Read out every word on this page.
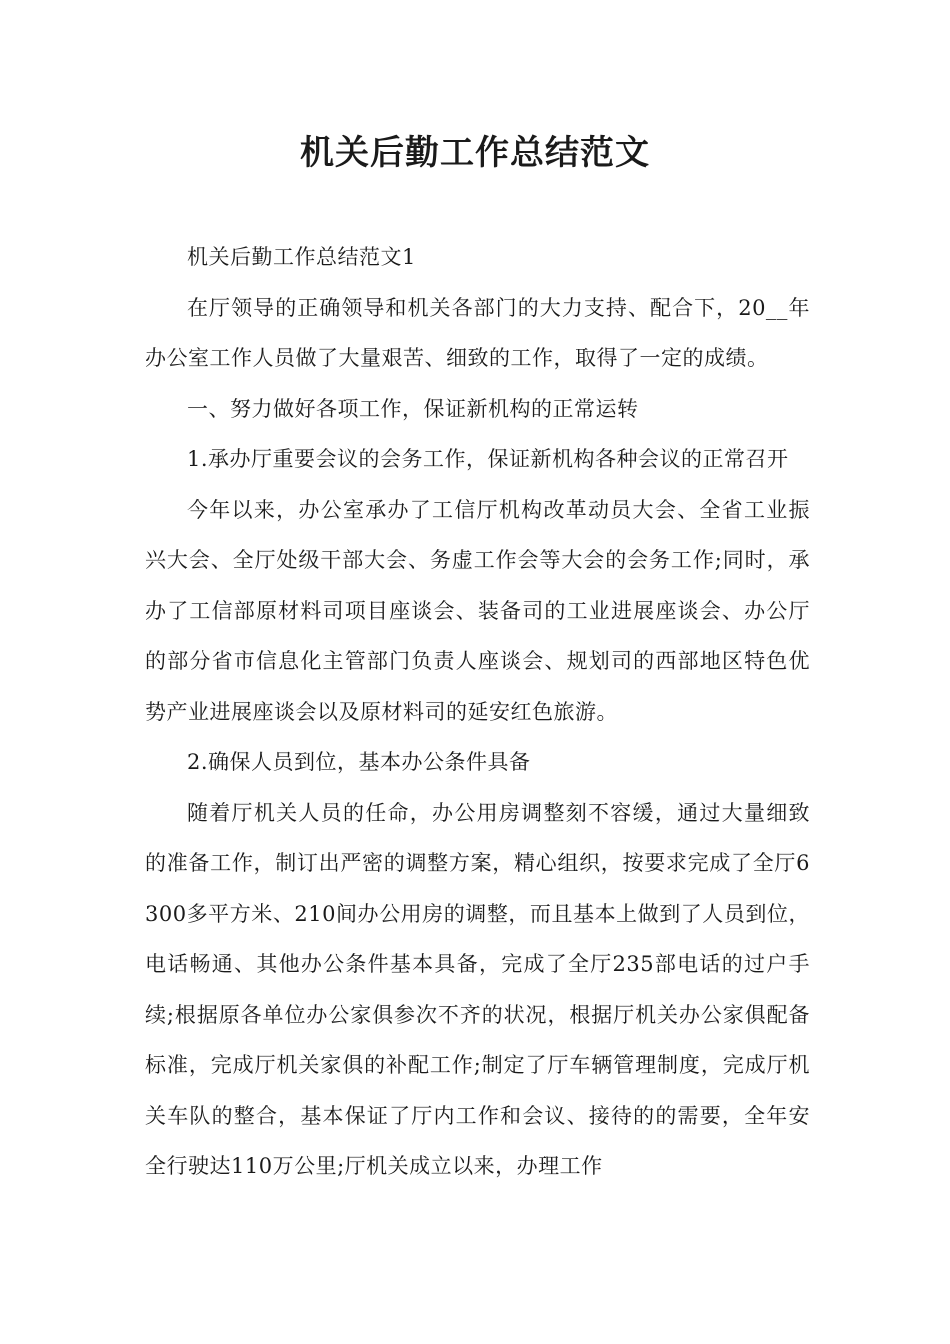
机关后勤工作总结范文

机关后勤工作总结范文1

在厅领导的正确领导和机关各部门的大力支持、配合下，20__年办公室工作人员做了大量艰苦、细致的工作，取得了一定的成绩。

一、努力做好各项工作，保证新机构的正常运转

1.承办厅重要会议的会务工作，保证新机构各种会议的正常召开

今年以来，办公室承办了工信厅机构改革动员大会、全省工业振兴大会、全厅处级干部大会、务虚工作会等大会的会务工作;同时，承办了工信部原材料司项目座谈会、装备司的工业进展座谈会、办公厅的部分省市信息化主管部门负责人座谈会、规划司的西部地区特色优势产业进展座谈会以及原材料司的延安红色旅游。

2.确保人员到位，基本办公条件具备

随着厅机关人员的任命，办公用房调整刻不容缓，通过大量细致的准备工作，制订出严密的调整方案，精心组织，按要求完成了全厅6300多平方米、210间办公用房的调整，而且基本上做到了人员到位，电话畅通、其他办公条件基本具备，完成了全厅235部电话的过户手续;根据原各单位办公家俱参次不齐的状况，根据厅机关办公家俱配备标准，完成厅机关家俱的补配工作;制定了厅车辆管理制度，完成厅机关车队的整合，基本保证了厅内工作和会议、接待的的需要，全年安全行驶达110万公里;厅机关成立以来，办理工作
